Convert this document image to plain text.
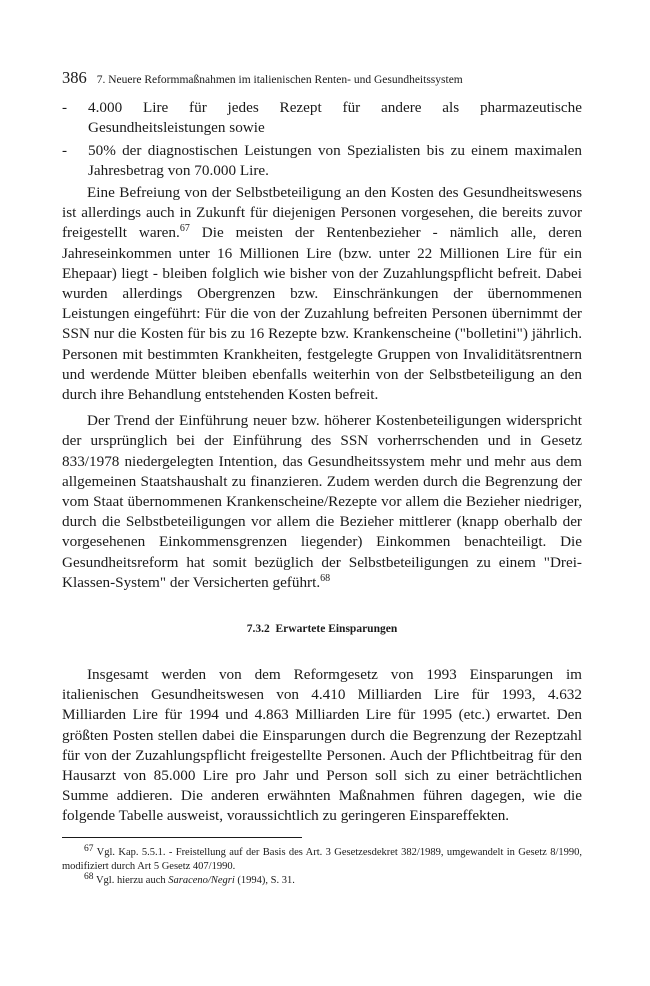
386 7. Neuere Reformmaßnahmen im italienischen Renten- und Gesundheitssystem
-	4.000 Lire für jedes Rezept für andere als pharmazeutische Gesundheitsleistungen sowie
-	50% der diagnostischen Leistungen von Spezialisten bis zu einem maximalen Jahresbetrag von 70.000 Lire.

Eine Befreiung von der Selbstbeteiligung an den Kosten des Gesundheitswesens ist allerdings auch in Zukunft für diejenigen Personen vorgesehen, die bereits zuvor freigestellt waren.$^{67}$ Die meisten der Rentenbezieher - nämlich alle, deren Jahreseinkommen unter 16 Millionen Lire (bzw. unter 22 Millionen Lire für ein Ehepaar) liegt - bleiben folglich wie bisher von der Zuzahlungspflicht befreit. Dabei wurden allerdings Obergrenzen bzw. Einschränkungen der übernommenen Leistungen eingeführt: Für die von der Zuzahlung befreiten Personen übernimmt der SSN nur die Kosten für bis zu 16 Rezepte bzw. Krankenscheine ("bolletini") jährlich. Personen mit bestimmten Krankheiten, festgelegte Gruppen von Invaliditätsrentnern und werdende Mütter bleiben ebenfalls weiterhin von der Selbstbeteiligung an den durch ihre Behandlung entstehenden Kosten befreit.

Der Trend der Einführung neuer bzw. höherer Kostenbeteiligungen widerspricht der ursprünglich bei der Einführung des SSN vorherrschenden und in Gesetz 833/1978 niedergelegten Intention, das Gesundheitssystem mehr und mehr aus dem allgemeinen Staatshaushalt zu finanzieren. Zudem werden durch die Begrenzung der vom Staat übernommenen Krankenscheine/Rezepte vor allem die Bezieher niedriger, durch die Selbstbeteiligungen vor allem die Bezieher mittlerer (knapp oberhalb der vorgesehenen Einkommensgrenzen liegender) Einkommen benachteiligt. Die Gesundheitsreform hat somit bezüglich der Selbstbeteiligungen zu einem "Drei-Klassen-System" der Versicherten geführt.$^{68}$

7.3.2 Erwartete Einsparungen

Insgesamt werden von dem Reformgesetz von 1993 Einsparungen im italienischen Gesundheitswesen von 4.410 Milliarden Lire für 1993, 4.632 Milliarden Lire für 1994 und 4.863 Milliarden Lire für 1995 (etc.) erwartet. Den größten Posten stellen dabei die Einsparungen durch die Begrenzung der Rezeptzahl für von der Zuzahlungspflicht freigestellte Personen. Auch der Pflichtbeitrag für den Hausarzt von 85.000 Lire pro Jahr und Person soll sich zu einer beträchtlichen Summe addieren. Die anderen erwähnten Maßnahmen führen dagegen, wie die folgende Tabelle ausweist, voraussichtlich zu geringeren Einspareffekten.

$^{67}$ Vgl. Kap. 5.5.1. - Freistellung auf der Basis des Art. 3 Gesetzesdekret 382/1989, umgewandelt in Gesetz 8/1990, modifiziert durch Art 5 Gesetz 407/1990.
$^{68}$ Vgl. hierzu auch Saraceno/Negri (1994), S. 31.
